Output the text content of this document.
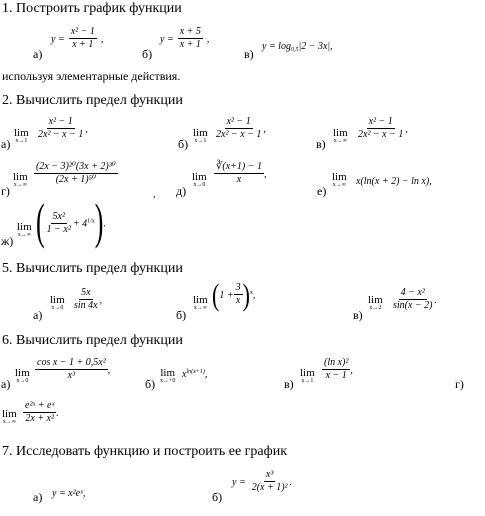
1. Построить график функции
а)
$y = \frac{\text{x² − 1}}{x + 1}$ ,
б)
$y = \frac{x + 5}{x + 1}$ ,
в)
$y = \log_{0,5}|2 - 3x|$,
используя элементарные действия.
2. Вычислить предел функции
а)
lim
x→1
$\frac{\text{x² − 1}}{\text{2x² − x − 1}}$ ,
б)
lim
x→1
$\frac{\text{x² − 1}}{\text{2x² − x − 1}}$ ,
в)
lim
x→∞
$\frac{\text{x² − 1}}{\text{2x² − x − 1}}$ ,
г)
lim
$x\to\infty \frac{\text{(2x − 3)²⁰(3x + 2)³⁰}}{\text{(2x + 1)⁵⁰}}$
, д)
lim
$x\to 0 \frac{∛(x+1) - 1}{x}$ ,
е)
lim
x→∞ x(ln(x + 2) − ln x),
ж)
lim
x→∞ ( $\frac{\text{5x²}}{\text{1 − x²}} + 4^{1/x}$).
5. Вычислить предел функции
а)
lim
$x\to 0 \frac{5x}{\sin 4x}$ ,
б)
lim
x→∞ $(1 + \frac{3}{x} )^x$,
в)
lim
$x\to 2 \frac{\text{4 − x²}}{\sin(x - 2)}$ .
6. Вычислить предел функции
а)
lim
$x\to 0 \frac{\text{cos x − 1 + 0,5x²}}{\text{x³}}$ ,
б)
lim
x→+0
$x^{ln(x+1)}$,
в)
lim
$x\to 1 \frac{\text{(ln x)²}}{x - 1}$ ,
г)
lim
$x\to\infty \frac{\text{e²ˣ + eˣ}}{\text{2x + x²}}$ .
7. Исследовать функцию и построить ее график
а) y = x²eˣ,	б)
$y = \frac{\text{x³}}{\text{2(x + 1)²}}$ .
